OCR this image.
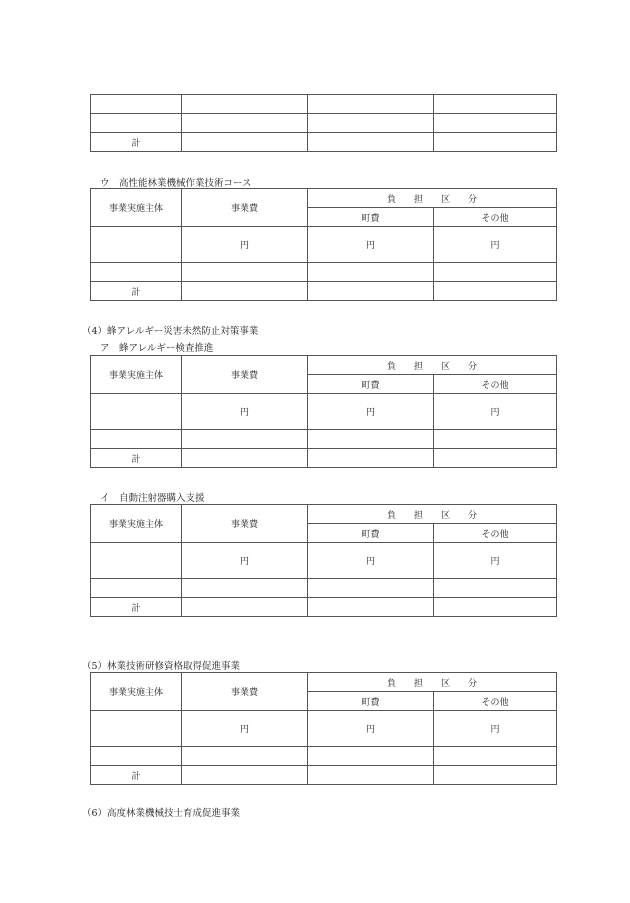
計			
ウ　高性能林業機械作業技術コース
事業実施主体	事業費	負　　担　　区　　分	
		町費	その他
	円	円	円

計			
（4）蜂アレルギー災害未然防止対策事業
ア　蜂アレルギー検査推進
事業実施主体	事業費	負　　担　　区　　分	
		町費	その他
	円	円	円

計			
イ　自動注射器購入支援
事業実施主体	事業費	負　　担　　区　　分	
		町費	その他
	円	円	円

計			
（5）林業技術研修資格取得促進事業
事業実施主体	事業費	負　　担　　区　　分	
		町費	その他
	円	円	円

計			
（6）高度林業機械技士育成促進事業
